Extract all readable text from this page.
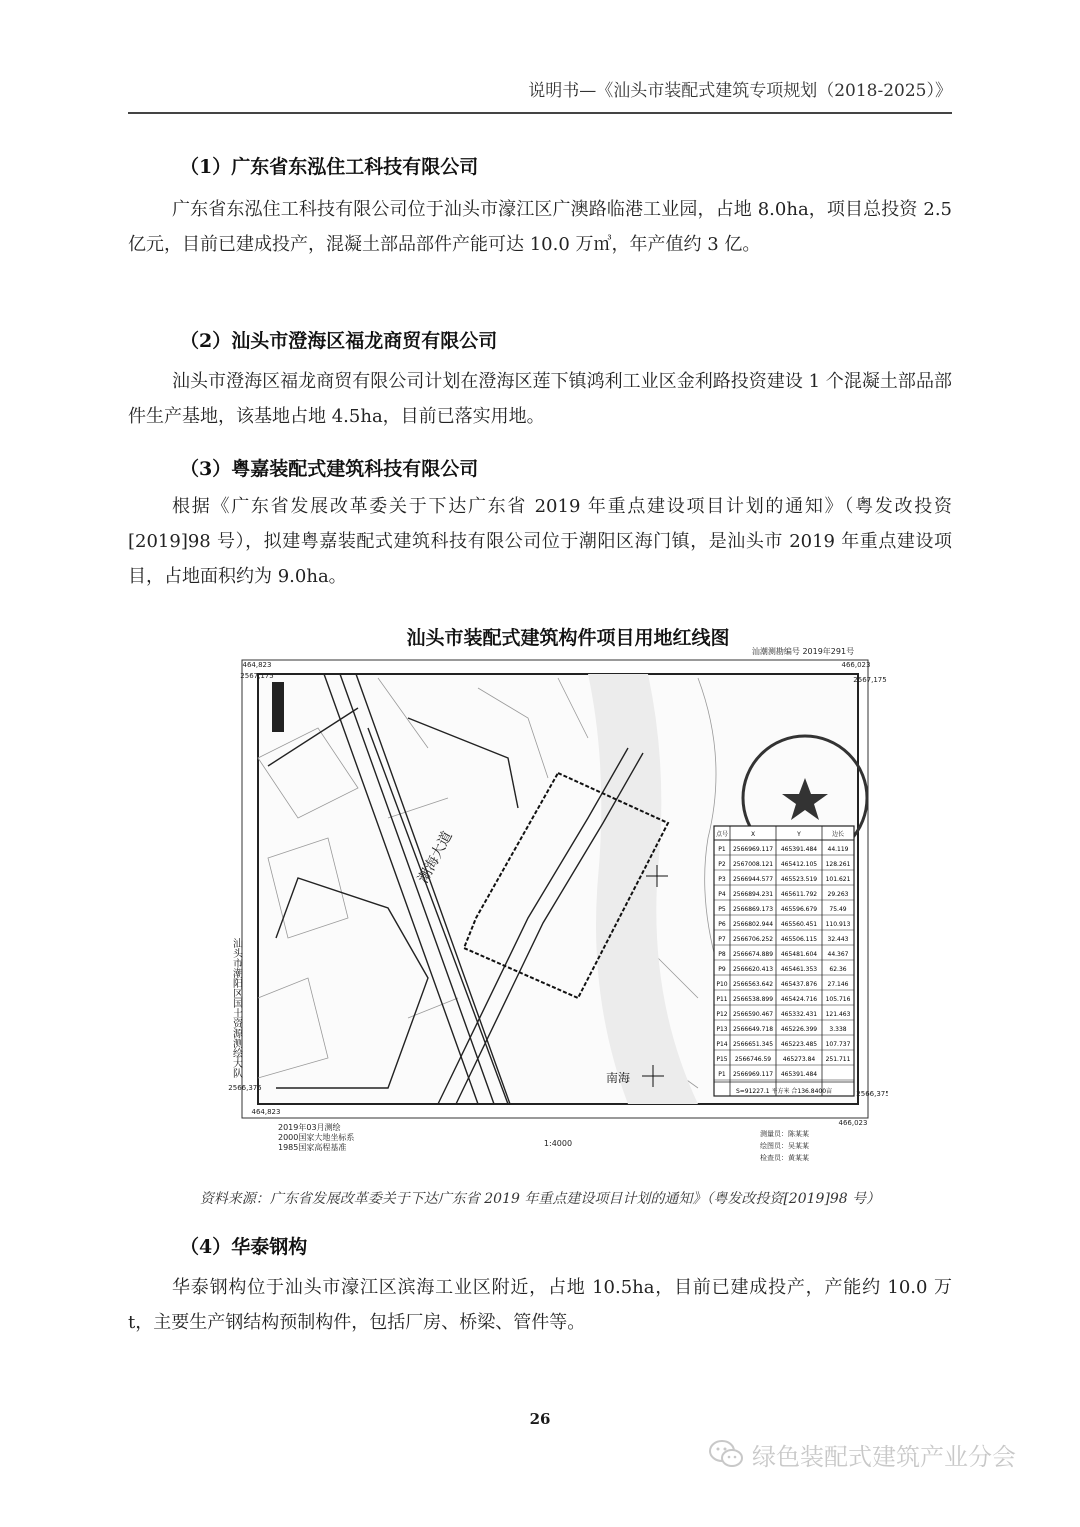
说明书—《汕头市装配式建筑专项规划（2018-2025）》
（1）广东省东泓住工科技有限公司
广东省东泓住工科技有限公司位于汕头市濠江区广澳路临港工业园，占地 8.0ha，项目总投资 2.5 亿元，目前已建成投产，混凝土部品部件产能可达 10.0 万㎥，年产值约 3 亿。
（2）汕头市澄海区福龙商贸有限公司
汕头市澄海区福龙商贸有限公司计划在澄海区莲下镇鸿利工业区金利路投资建设 1 个混凝土部品部件生产基地，该基地占地 4.5ha，目前已落实用地。
（3）粤嘉装配式建筑科技有限公司
根据《广东省发展改革委关于下达广东省 2019 年重点建设项目计划的通知》（粤发改投资[2019]98 号），拟建粤嘉装配式建筑科技有限公司位于潮阳区海门镇，是汕头市 2019 年重点建设项目，占地面积约为 9.0ha。
汕头市装配式建筑构件项目用地红线图
汕潮测勘编号 2019年291号
464,823
2567,175
466,023
2567,175
2566,375
464,823
2566,375
466,023
汕头市潮阳区国土资源测绘大队
潮海大道
南海
点号	X	Y	边长
P1 2566969.117 465391.484 44.119
P2 2567008.121 465412.105 128.261
P3 2566944.577 465523.519 101.621
P4 2566894.231 465611.792 29.263
P5 2566869.173 465596.679 75.49
P6 2566802.944 465560.451 110.913
P7 2566706.252 465506.115 32.443
P8 2566674.889 465481.604 44.367
P9 2566620.413 465461.353 62.36
P10 2566563.642 465437.876 27.146
P11 2566538.899 465424.716 105.716
P12 2566590.467 465332.431 121.463
P13 2566649.718 465226.399 3.338
P14 2566651.345 465223.485 107.737
P15 2566746.59 465273.84 251.711
P1 2566969.117 465391.484
S=91227.1 平方米 合136.8400亩
2019年03月测绘
2000国家大地坐标系
1985国家高程基准	1:4000
测量员：陈某某
绘图员：吴某某
检查员：黄某某
资料来源：广东省发展改革委关于下达广东省 2019 年重点建设项目计划的通知》（粤发改投资[2019]98 号）
（4）华泰钢构
华泰钢构位于汕头市濠江区滨海工业区附近，占地 10.5ha，目前已建成投产，产能约 10.0 万 t，主要生产钢结构预制构件，包括厂房、桥梁、管件等。
26
绿色装配式建筑产业分会
